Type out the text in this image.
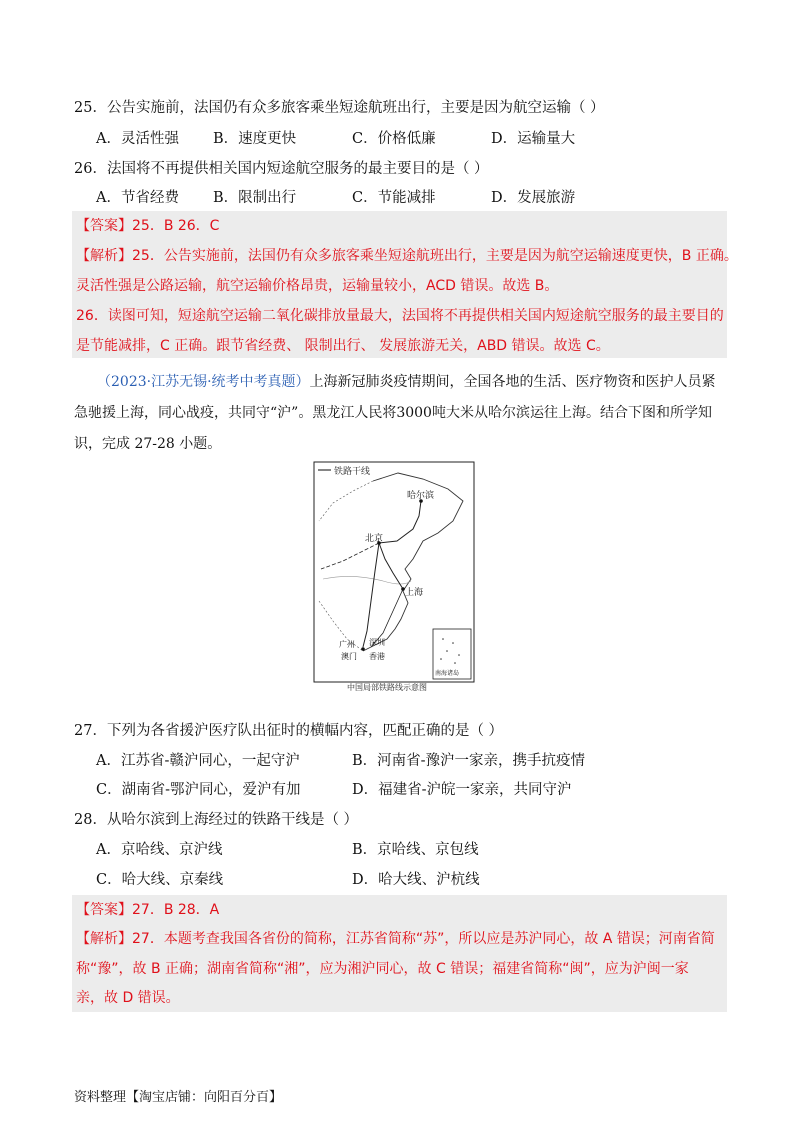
25．公告实施前，法国仍有众多旅客乘坐短途航班出行，主要是因为航空运输（ ）
A．灵活性强 B．速度更快	C．价格低廉	D．运输量大
26．法国将不再提供相关国内短途航空服务的最主要目的是（ ）
A．节省经费 B．限制出行	C．节能减排	D．发展旅游
【答案】25．B 26．C
【解析】25．公告实施前，法国仍有众多旅客乘坐短途航班出行，主要是因为航空运输速度更快，B 正确。
灵活性强是公路运输，航空运输价格昂贵，运输量较小，ACD 错误。故选 B。
26．读图可知，短途航空运输二氧化碳排放量最大，法国将不再提供相关国内短途航空服务的最主要目的
是节能减排，C 正确。跟节省经费、 限制出行、 发展旅游无关，ABD 错误。故选 C。
（2023·江苏无锡·统考中考真题）上海新冠肺炎疫情期间，全国各地的生活、医疗物资和医护人员紧
急驰援上海，同心战疫，共同守“沪”。黑龙江人民将3000吨大米从哈尔滨运往上海。结合下图和所学知
识，完成 27-28 小题。
铁路干线
哈尔滨
北京
上海
广州 深圳
香港
澳门
南海诸岛
中国局部铁路线示意图
27．下列为各省援沪医疗队出征时的横幅内容，匹配正确的是（ ）
A．江苏省-赣沪同心，一起守沪	B．河南省-豫沪一家亲，携手抗疫情
C．湖南省-鄂沪同心，爱沪有加	D．福建省-沪皖一家亲，共同守沪
28．从哈尔滨到上海经过的铁路干线是（ ）
A．京哈线、京沪线	B．京哈线、京包线
C．哈大线、京秦线	D．哈大线、沪杭线
【答案】27．B 28．A
【解析】27．本题考查我国各省份的简称，江苏省简称“苏”，所以应是苏沪同心，故 A 错误；河南省简
称“豫”，故 B 正确；湖南省简称“湘”，应为湘沪同心，故 C 错误；福建省简称“闽”，应为沪闽一家
亲，故 D 错误。
资料整理【淘宝店铺：向阳百分百】
